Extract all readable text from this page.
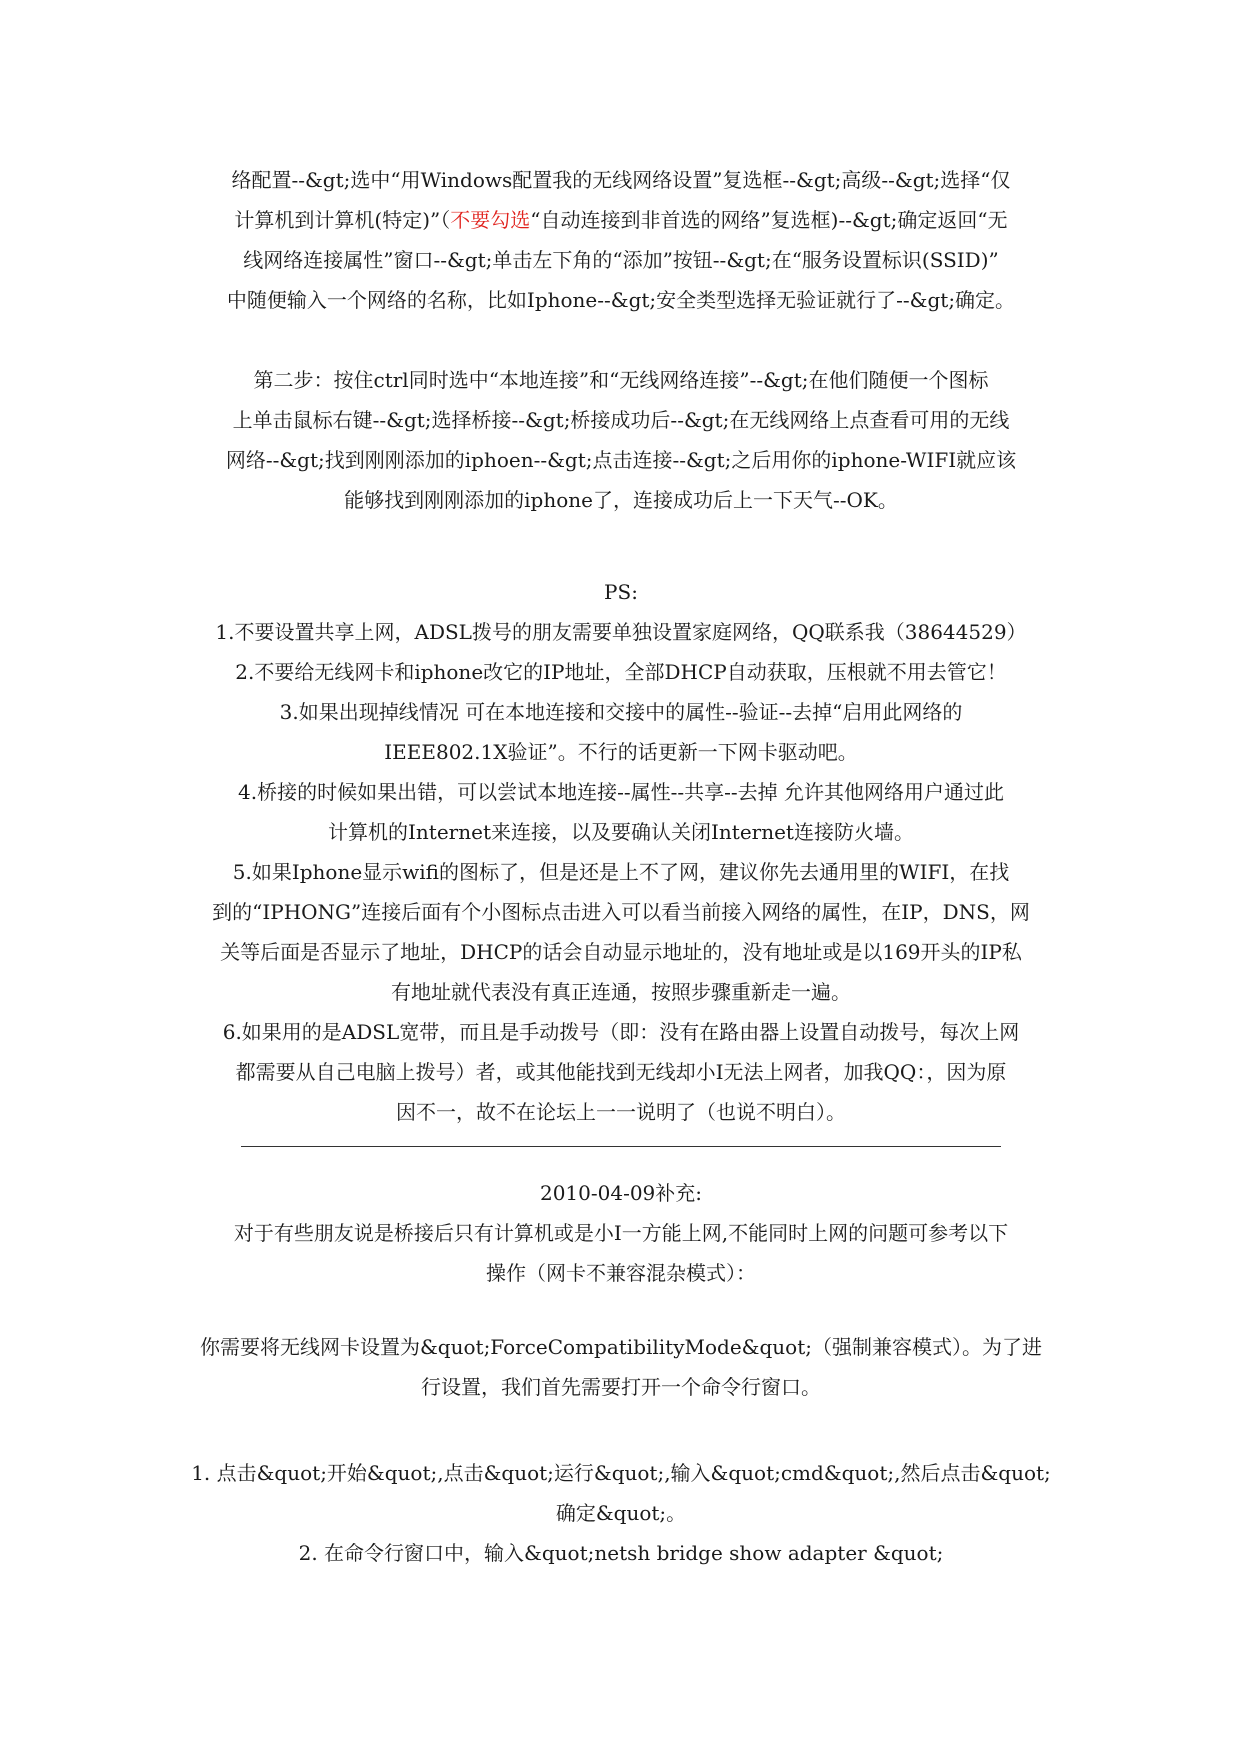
络配置--&gt;选中“用Windows配置我的无线网络设置”复选框--&gt;高级--&gt;选择“仅

计算机到计算机(特定)”（不要勾选“自动连接到非首选的网络”复选框)--&gt;确定返回“无

线网络连接属性”窗口--&gt;单击左下角的“添加”按钮--&gt;在“服务设置标识(SSID)”

中随便输入一个网络的名称，比如Iphone--&gt;安全类型选择无验证就行了--&gt;确定。

第二步：按住ctrl同时选中“本地连接”和“无线网络连接”--&gt;在他们随便一个图标

上单击鼠标右键--&gt;选择桥接--&gt;桥接成功后--&gt;在无线网络上点查看可用的无线

网络--&gt;找到刚刚添加的iphoen--&gt;点击连接--&gt;之后用你的iphone-WIFI就应该

能够找到刚刚添加的iphone了，连接成功后上一下天气--OK。

PS:

1.不要设置共享上网，ADSL拨号的朋友需要单独设置家庭网络，QQ联系我（38644529）

2.不要给无线网卡和iphone改它的IP地址，全部DHCP自动获取，压根就不用去管它！

3.如果出现掉线情况 可在本地连接和交接中的属性--验证--去掉“启用此网络的

IEEE802.1X验证”。不行的话更新一下网卡驱动吧。

4.桥接的时候如果出错，可以尝试本地连接--属性--共享--去掉 允许其他网络用户通过此

计算机的Internet来连接，以及要确认关闭Internet连接防火墙。

5.如果Iphone显示wifi的图标了，但是还是上不了网，建议你先去通用里的WIFI，在找

到的“IPHONG”连接后面有个小图标点击进入可以看当前接入网络的属性，在IP，DNS，网

关等后面是否显示了地址，DHCP的话会自动显示地址的，没有地址或是以169开头的IP私

有地址就代表没有真正连通，按照步骤重新走一遍。

6.如果用的是ADSL宽带，而且是手动拨号（即：没有在路由器上设置自动拨号，每次上网

都需要从自己电脑上拨号）者，或其他能找到无线却小I无法上网者，加我QQ：，因为原

因不一，故不在论坛上一一说明了（也说不明白）。

2010-04-09补充:

对于有些朋友说是桥接后只有计算机或是小I一方能上网,不能同时上网的问题可参考以下

操作（网卡不兼容混杂模式）：

你需要将无线网卡设置为&quot;ForceCompatibilityMode&quot;（强制兼容模式）。为了进

行设置，我们首先需要打开一个命令行窗口。

1. 点击&quot;开始&quot;,点击&quot;运行&quot;,输入&quot;cmd&quot;,然后点击&quot;

确定&quot;。

2. 在命令行窗口中，输入&quot;netsh bridge show adapter &quot;
